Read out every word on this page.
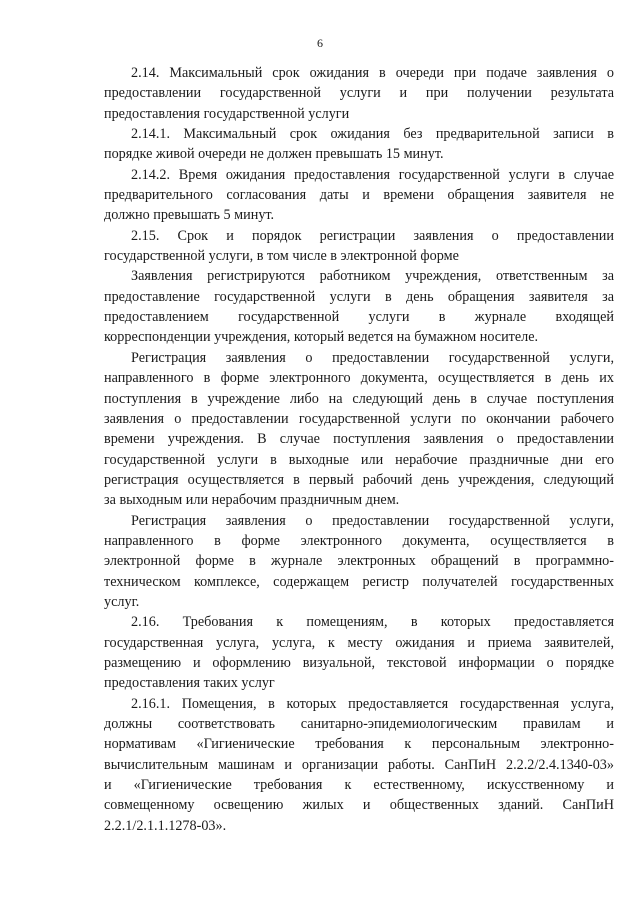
6
2.14. Максимальный срок ожидания в очереди при подаче заявления о
предоставлении государственной услуги и при получении результата
предоставления государственной услуги
2.14.1. Максимальный срок ожидания без предварительной записи в
порядке живой очереди не должен превышать 15 минут.
2.14.2. Время ожидания предоставления государственной услуги в случае
предварительного согласования даты и времени обращения заявителя не
должно превышать 5 минут.
2.15. Срок и порядок регистрации заявления о предоставлении
государственной услуги, в том числе в электронной форме
Заявления регистрируются работником учреждения, ответственным за
предоставление государственной услуги в день обращения заявителя за
предоставлением государственной услуги в журнале входящей
корреспонденции учреждения, который ведется на бумажном носителе.
Регистрация заявления о предоставлении государственной услуги,
направленного в форме электронного документа, осуществляется в день их
поступления в учреждение либо на следующий день в случае поступления
заявления о предоставлении государственной услуги по окончании рабочего
времени учреждения. В случае поступления заявления о предоставлении
государственной услуги в выходные или нерабочие праздничные дни его
регистрация осуществляется в первый рабочий день учреждения, следующий
за выходным или нерабочим праздничным днем.
Регистрация заявления о предоставлении государственной услуги,
направленного в форме электронного документа, осуществляется в
электронной форме в журнале электронных обращений в программно-
техническом комплексе, содержащем регистр получателей государственных
услуг.
2.16. Требования к помещениям, в которых предоставляется
государственная услуга, услуга, к месту ожидания и приема заявителей,
размещению и оформлению визуальной, текстовой информации о порядке
предоставления таких услуг
2.16.1. Помещения, в которых предоставляется государственная услуга,
должны соответствовать санитарно-эпидемиологическим правилам и
нормативам «Гигиенические требования к персональным электронно-
вычислительным машинам и организации работы. СанПиН 2.2.2/2.4.1340-03»
и «Гигиенические требования к естественному, искусственному и
совмещенному освещению жилых и общественных зданий. СанПиН
2.2.1/2.1.1.1278-03».
